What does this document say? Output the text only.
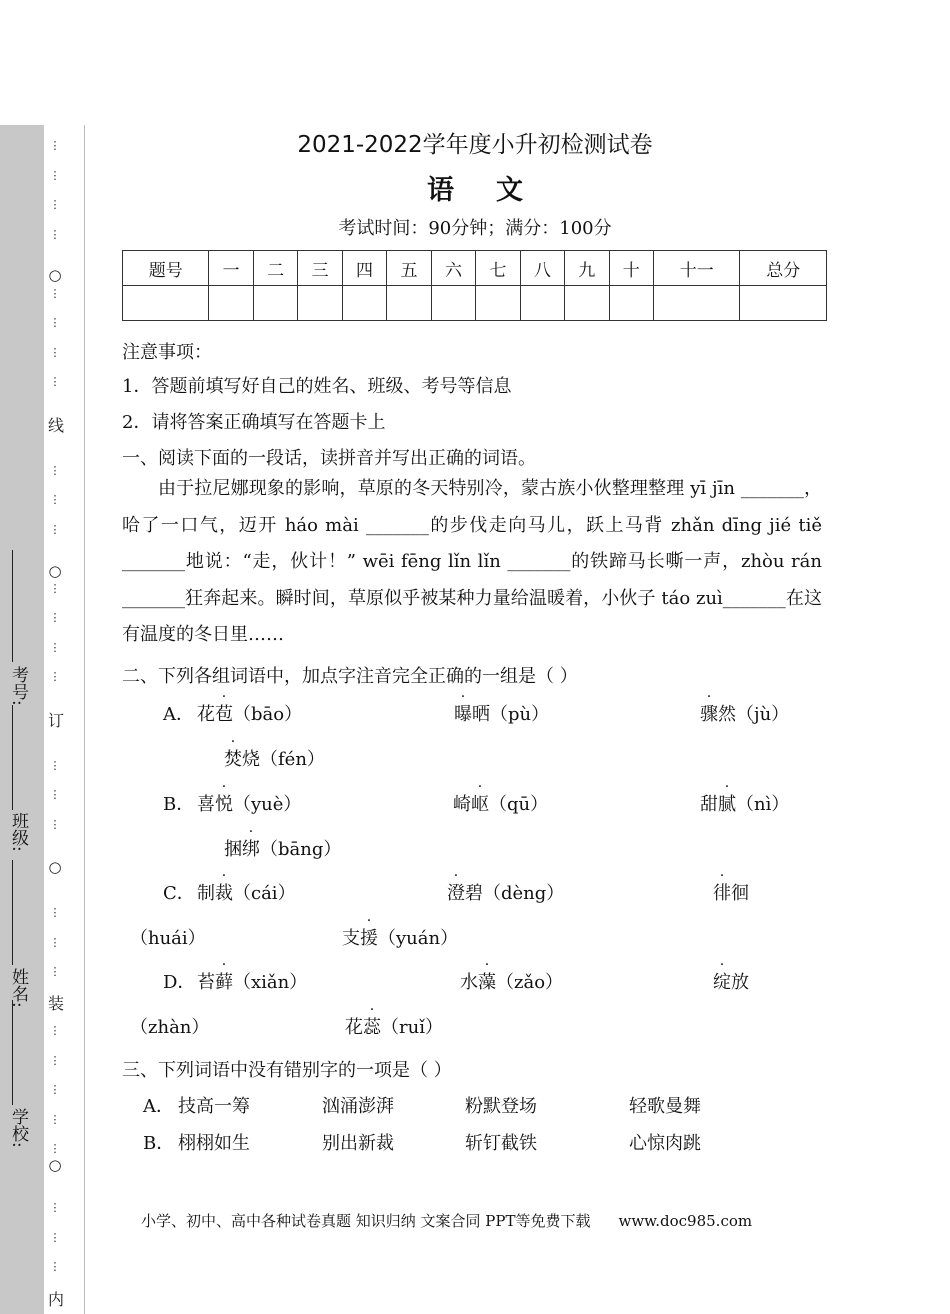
学校:
姓名:
班级:
考号:
⋮
⋮
⋮
⋮
⋮
⋮
⋮
⋮
⋮
⋮
⋮
⋮
⋮
⋮
⋮
⋮
⋮
⋮
⋮
⋮
⋮
⋮
⋮
⋮
⋮
⋮
⋮
⋮
⋮
○
线
○
订
○
装
○
内
2021-2022学年度小升初检测试卷
语文
考试时间：90分钟；满分：100分
题号	一	二	三	四	五	六	七	八	九	十	十一	总分

注意事项：
1．答题前填写好自己的姓名、班级、考号等信息
2．请将答案正确填写在答题卡上
一、阅读下面的一段话，读拼音并写出正确的词语。

由于拉尼娜现象的影响，草原的冬天特别冷，蒙古族小伙整理整理 yī jīn _______，哈了一口气，迈开 háo mài _______的步伐走向马儿，跃上马背 zhǎn dīng jié tiě _______地说：“走，伙计！” wēi fēng lǐn lǐn _______的铁蹄马长嘶一声，zhòu rán _______狂奔起来。瞬时间，草原似乎被某种力量给温暖着，小伙子 táo zuì_______在这有温度的冬日里……

二、下列各组词语中，加点字注音完全正确的一组是（ ）
A． 花苞（bāo）	曝晒（pù）	骤然（jù）
焚烧（fén）
B． 喜悦（yuè）	崎岖（qū）	甜腻（nì）
捆绑（bāng）
C． 制裁（cái）	澄碧（dèng）	徘徊
（huái）	支援（yuán）
D． 苔藓（xiǎn）	水藻（zǎo）	绽放
（zhàn）	花蕊（ruǐ）
三、下列词语中没有错别字的一项是（ ）
A． 技高一筹	汹涌澎湃	粉默登场	轻歌曼舞
B． 栩栩如生	别出新裁	斩钉截铁	心惊肉跳
小学、初中、高中各种试卷真题 知识归纳 文案合同 PPT等免费下载 www.doc985.com
